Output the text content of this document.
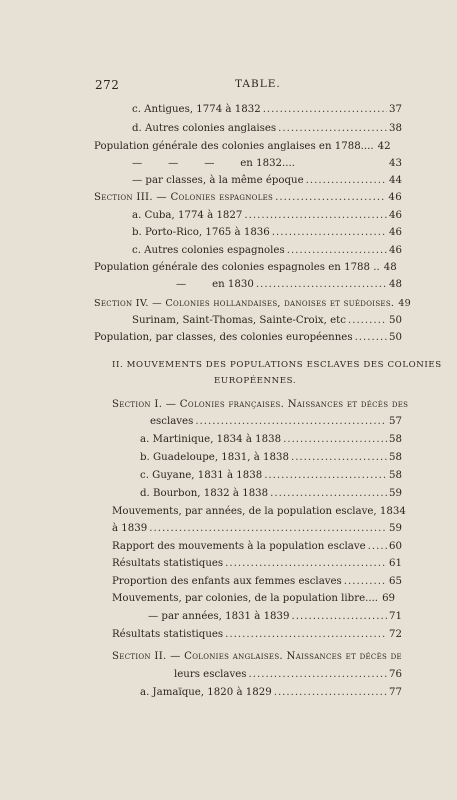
272	TABLE.
c. Antigues, 1774 à 1832 .....	37
d. Autres colonies anglaises .....	38
Population générale des colonies anglaises en 1788.... 42
—        —        —        en 1832....	43
— par classes, à la même époque .....	44
Section III. — Colonies espagnoles .....	46
a. Cuba, 1774 à 1827 .....	46
b. Porto-Rico, 1765 à 1836 .....	46
c. Autres colonies espagnoles .....	46
Population générale des colonies espagnoles en 1788 .. 48
—        en 1830 .....	48
Section IV. — Colonies hollandaises, danoises et suédoises. 49
Surinam, Saint-Thomas, Sainte-Croix, etc .....	50
Population, par classes, des colonies européennes .....	50
II. MOUVEMENTS DES POPULATIONS ESCLAVES DES COLONIES
EUROPÉENNES.
Section I. — Colonies françaises. Naissances et décès des
esclaves .....	57
a. Martinique, 1834 à 1838 .....	58
b. Guadeloupe, 1831, à 1838 .....	58
c. Guyane, 1831 à 1838 .....	58
d. Bourbon, 1832 à 1838 .....	59
Mouvements, par années, de la population esclave, 1834
à 1839 .....	59
Rapport des mouvements à la population esclave ..... 60
Résultats statistiques .....	61
Proportion des enfants aux femmes esclaves .....	65
Mouvements, par colonies, de la population libre.... 69
— par années, 1831 à 1839 .....	71
Résultats statistiques .....	72
Section II. — Colonies anglaises. Naissances et décès de
leurs esclaves .....	76
a. Jamaïque, 1820 à 1829 .....	77
